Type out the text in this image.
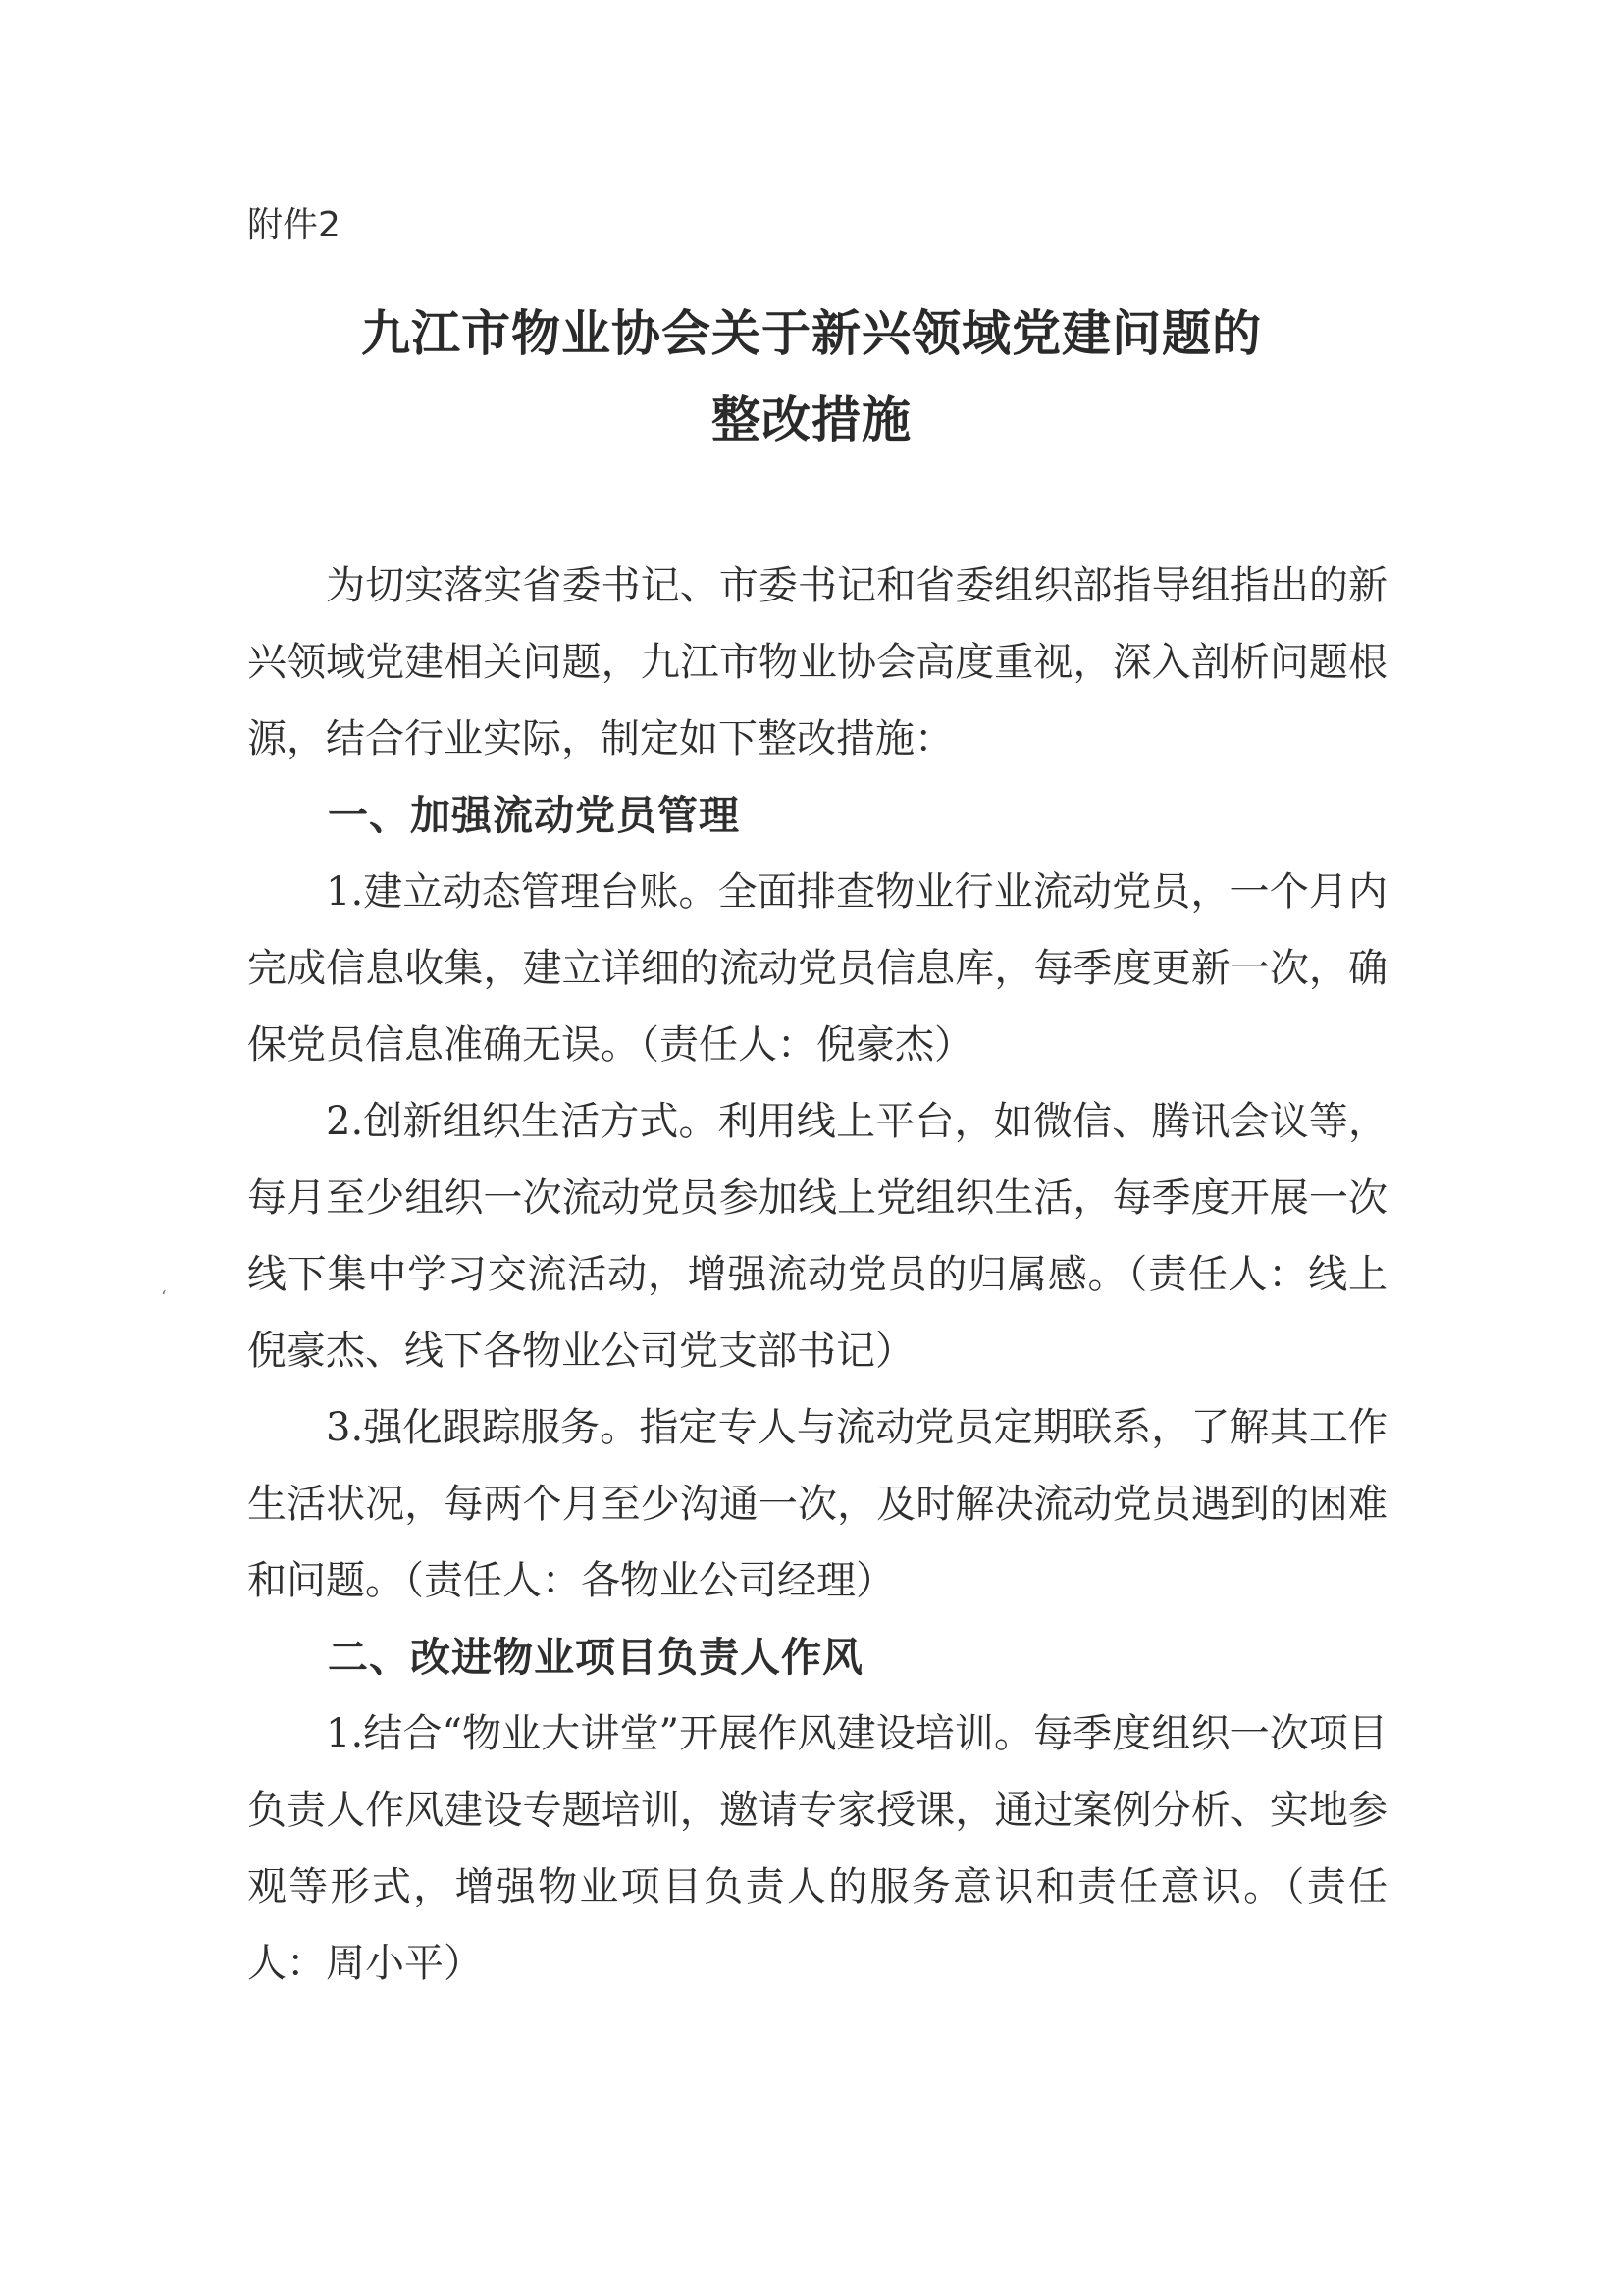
附件2
九江市物业协会关于新兴领域党建问题的
整改措施
‘

为切实落实省委书记、市委书记和省委组织部指导组指出的新兴领域党建相关问题，九江市物业协会高度重视，深入剖析问题根源，结合行业实际，制定如下整改措施：

一、加强流动党员管理

1.建立动态管理台账。全面排查物业行业流动党员，一个月内完成信息收集，建立详细的流动党员信息库，每季度更新一次，确保党员信息准确无误。（责任人：倪豪杰）

2.创新组织生活方式。利用线上平台，如微信、腾讯会议等，每月至少组织一次流动党员参加线上党组织生活，每季度开展一次线下集中学习交流活动，增强流动党员的归属感。（责任人：线上倪豪杰、线下各物业公司党支部书记）

3.强化跟踪服务。指定专人与流动党员定期联系，了解其工作生活状况，每两个月至少沟通一次，及时解决流动党员遇到的困难和问题。（责任人：各物业公司经理）

二、改进物业项目负责人作风

1.结合“物业大讲堂”开展作风建设培训。每季度组织一次项目负责人作风建设专题培训，邀请专家授课，通过案例分析、实地参观等形式，增强物业项目负责人的服务意识和责任意识。（责任人：周小平）
